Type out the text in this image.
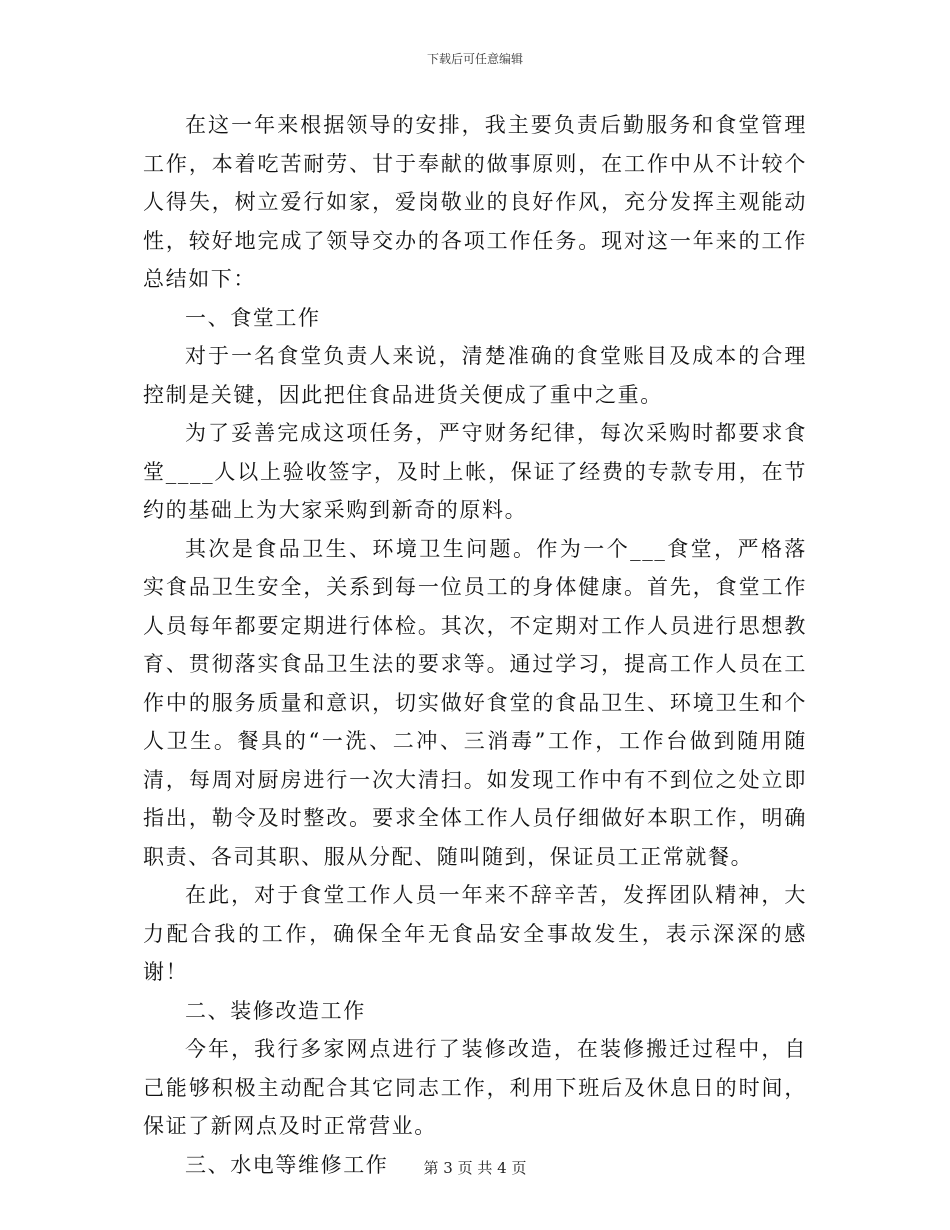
下载后可任意编辑

在这一年来根据领导的安排，我主要负责后勤服务和食堂管理工作，本着吃苦耐劳、甘于奉献的做事原则，在工作中从不计较个人得失，树立爱行如家，爱岗敬业的良好作风，充分发挥主观能动性，较好地完成了领导交办的各项工作任务。现对这一年来的工作总结如下：

一、食堂工作

对于一名食堂负责人来说，清楚准确的食堂账目及成本的合理控制是关键，因此把住食品进货关便成了重中之重。

为了妥善完成这项任务，严守财务纪律，每次采购时都要求食堂____人以上验收签字，及时上帐，保证了经费的专款专用，在节约的基础上为大家采购到新奇的原料。

其次是食品卫生、环境卫生问题。作为一个___食堂，严格落实食品卫生安全，关系到每一位员工的身体健康。首先，食堂工作人员每年都要定期进行体检。其次，不定期对工作人员进行思想教育、贯彻落实食品卫生法的要求等。通过学习，提高工作人员在工作中的服务质量和意识，切实做好食堂的食品卫生、环境卫生和个人卫生。餐具的“一洗、二冲、三消毒”工作，工作台做到随用随清，每周对厨房进行一次大清扫。如发现工作中有不到位之处立即指出，勒令及时整改。要求全体工作人员仔细做好本职工作，明确职责、各司其职、服从分配、随叫随到，保证员工正常就餐。

在此，对于食堂工作人员一年来不辞辛苦，发挥团队精神，大力配合我的工作，确保全年无食品安全事故发生，表示深深的感谢！

二、装修改造工作

今年，我行多家网点进行了装修改造，在装修搬迁过程中，自己能够积极主动配合其它同志工作，利用下班后及休息日的时间，保证了新网点及时正常营业。

三、水电等维修工作	第 3 页 共 4 页
